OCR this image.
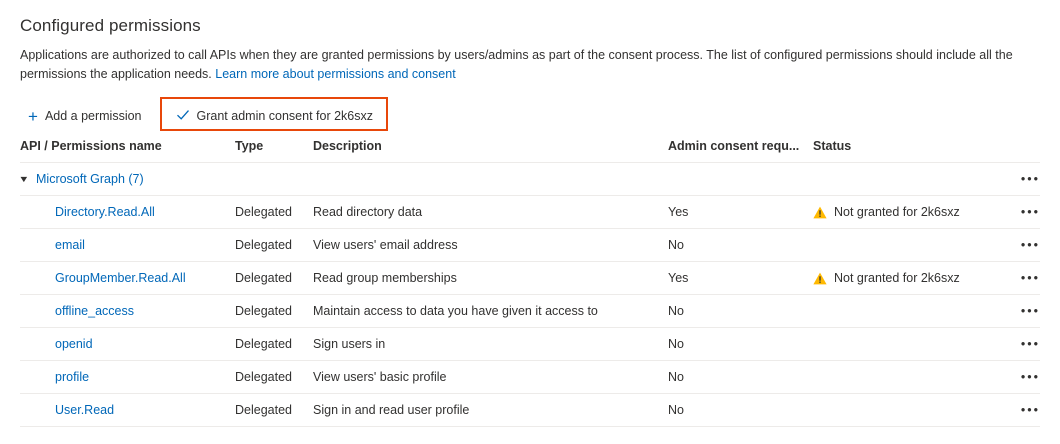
Configured permissions
Applications are authorized to call APIs when they are granted permissions by users/admins as part of the consent process. The list of configured permissions should include all the permissions the application needs. Learn more about permissions and consent
+ Add a permission	Grant admin consent for 2k6sxz
API / Permissions name	Type	Description	Admin consent requ...	Status	

▼ Microsoft Graph (7)					•••
Directory.Read.All	Delegated	Read directory data	Yes	Not granted for 2k6sxz	•••
email	Delegated	View users' email address	No		•••
GroupMember.Read.All	Delegated	Read group memberships	Yes	Not granted for 2k6sxz	•••
offline_access	Delegated	Maintain access to data you have given it access to	No		•••
openid	Delegated	Sign users in	No		•••
profile	Delegated	View users' basic profile	No		•••
User.Read	Delegated	Sign in and read user profile	No		•••
